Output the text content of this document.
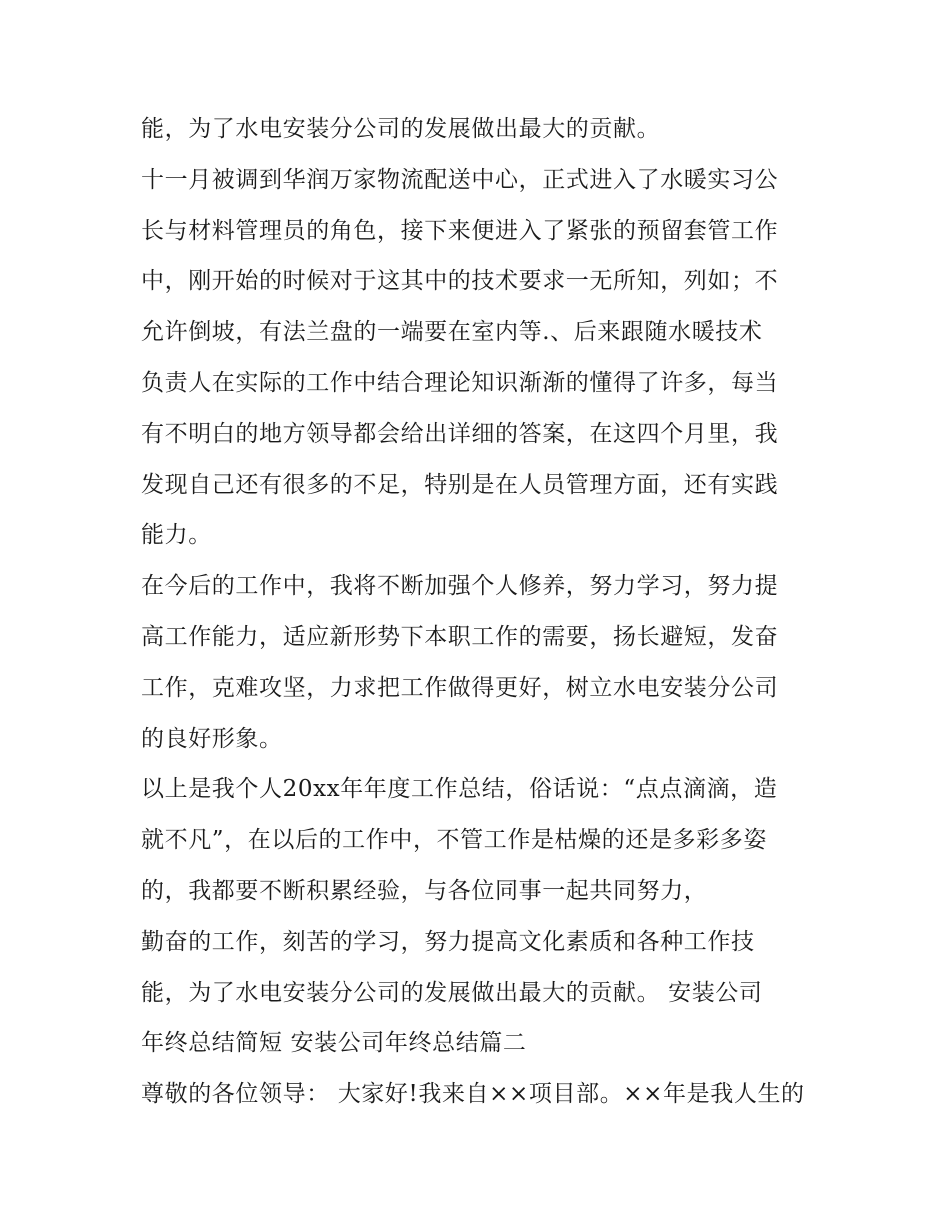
能，为了水电安装分公司的发展做出最大的贡献。
十一月被调到华润万家物流配送中心，正式进入了水暖实习公
长与材料管理员的角色，接下来便进入了紧张的预留套管工作
中，刚开始的时候对于这其中的技术要求一无所知，列如；不
允许倒坡，有法兰盘的一端要在室内等.、后来跟随水暖技术
负责人在实际的工作中结合理论知识渐渐的懂得了许多，每当
有不明白的地方领导都会给出详细的答案，在这四个月里，我
发现自己还有很多的不足，特别是在人员管理方面，还有实践
能力。
在今后的工作中，我将不断加强个人修养，努力学习，努力提
高工作能力，适应新形势下本职工作的需要，扬长避短，发奋
工作，克难攻坚，力求把工作做得更好，树立水电安装分公司
的良好形象。
以上是我个人20xx年年度工作总结，俗话说：“点点滴滴，造
就不凡”，在以后的工作中，不管工作是枯燥的还是多彩多姿
的，我都要不断积累经验，与各位同事一起共同努力，
勤奋的工作，刻苦的学习，努力提高文化素质和各种工作技
能，为了水电安装分公司的发展做出最大的贡献。 安装公司
年终总结简短 安装公司年终总结篇二
尊敬的各位领导： 大家好!我来自××项目部。××年是我人生的
